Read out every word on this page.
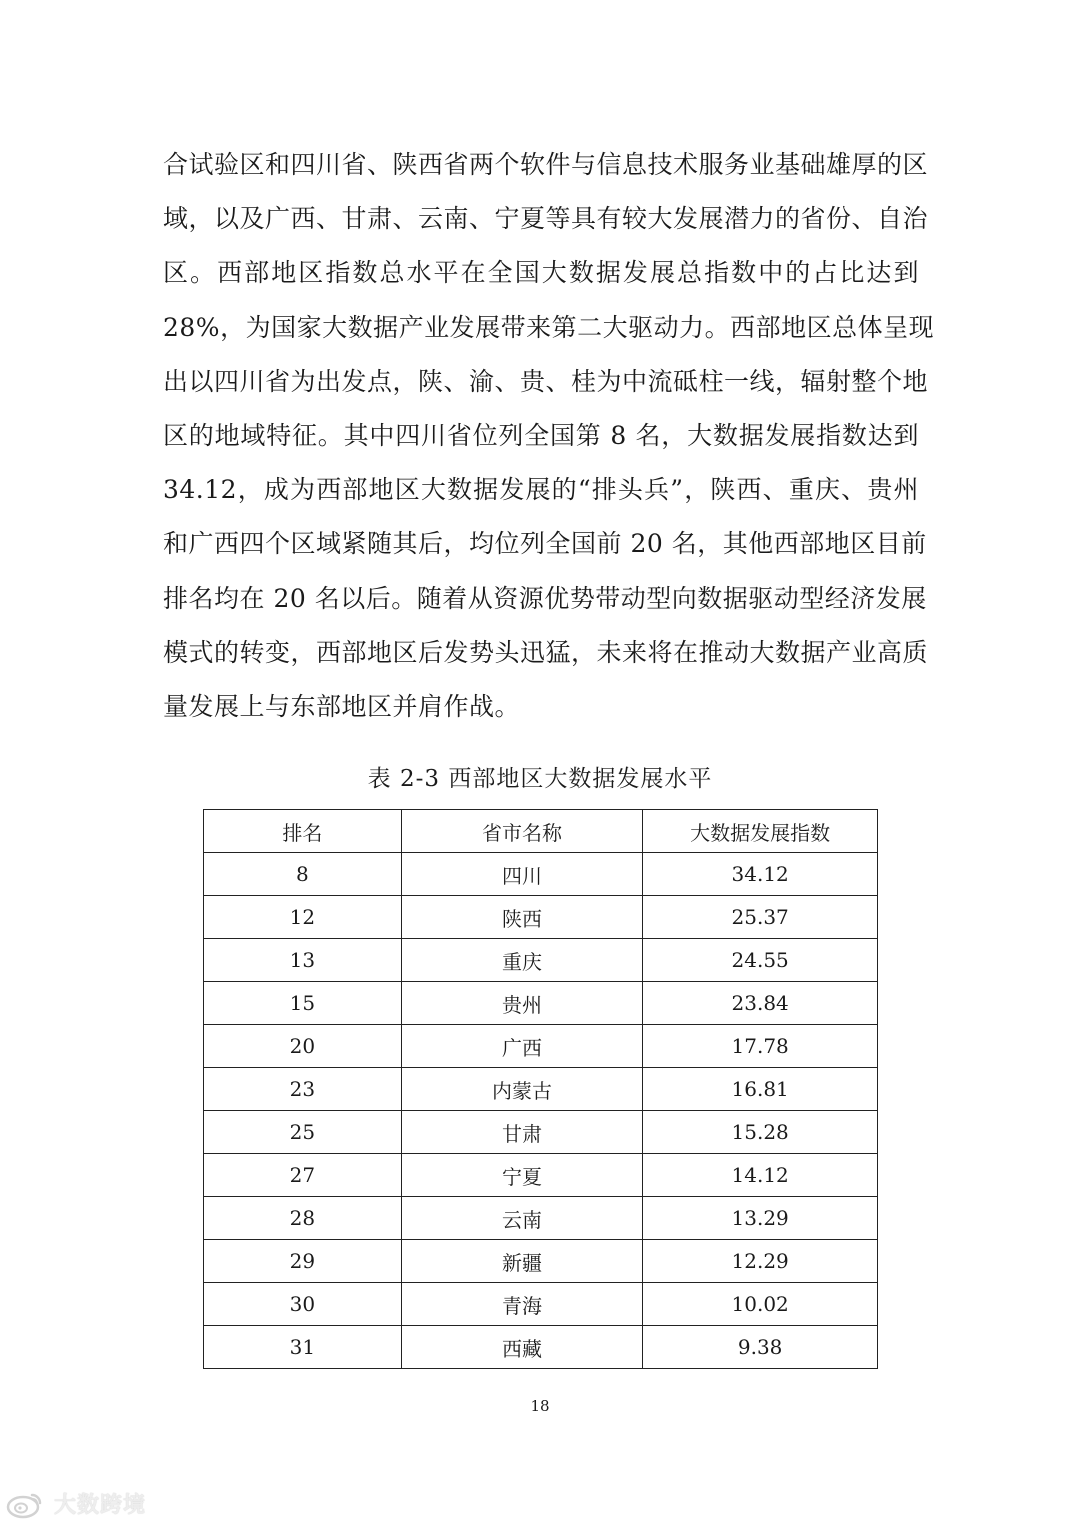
合试验区和四川省、陕西省两个软件与信息技术服务业基础雄厚的区
域，以及广西、甘肃、云南、宁夏等具有较大发展潜力的省份、自治
区。西部地区指数总水平在全国大数据发展总指数中的占比达到
28%，为国家大数据产业发展带来第二大驱动力。西部地区总体呈现
出以四川省为出发点，陕、渝、贵、桂为中流砥柱一线，辐射整个地
区的地域特征。其中四川省位列全国第 8 名，大数据发展指数达到
34.12，成为西部地区大数据发展的“排头兵”，陕西、重庆、贵州
和广西四个区域紧随其后，均位列全国前 20 名，其他西部地区目前
排名均在 20 名以后。随着从资源优势带动型向数据驱动型经济发展
模式的转变，西部地区后发势头迅猛，未来将在推动大数据产业高质
量发展上与东部地区并肩作战。
表 2-3 西部地区大数据发展水平
排名	省市名称	大数据发展指数
8	四川	34.12
12	陕西	25.37
13	重庆	24.55
15	贵州	23.84
20	广西	17.78
23	内蒙古	16.81
25	甘肃	15.28
27	宁夏	14.12
28	云南	13.29
29	新疆	12.29
30	青海	10.02
31	西藏	9.38
18
大数跨境
